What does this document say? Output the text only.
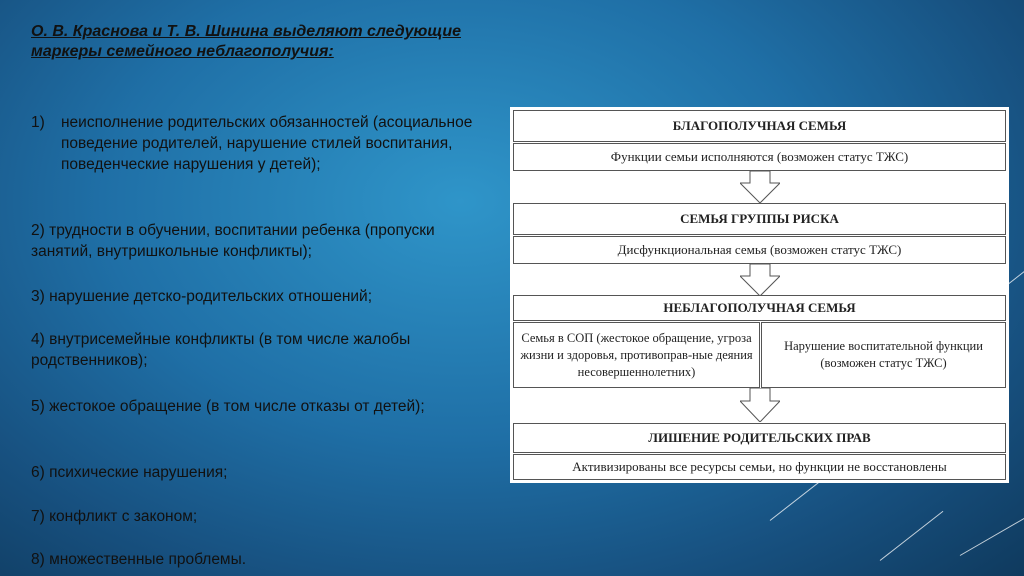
О. В. Краснова и Т. В. Шинина выделяют следующие маркеры семейного неблагополучия:
1) неисполнение родительских обязанностей (асоциальное поведение родителей, нарушение стилей воспитания, поведенческие нарушения у детей);
2) трудности в обучении, воспитании ребенка (пропуски занятий, внутришкольные конфликты);
3) нарушение детско-родительских отношений;
4) внутрисемейные конфликты (в том числе жалобы родственников);
5) жестокое обращение (в том числе отказы от детей);
6) психические нарушения;
7) конфликт с законом;
8) множественные проблемы.
БЛАГОПОЛУЧНАЯ СЕМЬЯ
Функции семьи исполняются (возможен статус ТЖС)
СЕМЬЯ ГРУППЫ РИСКА
Дисфункциональная семья (возможен статус ТЖС)
НЕБЛАГОПОЛУЧНАЯ СЕМЬЯ
Семья в СОП (жестокое обращение, угроза жизни и здоровья, противоправ-ные деяния несовершеннолетних)
Нарушение воспитательной функции (возможен статус ТЖС)
ЛИШЕНИЕ РОДИТЕЛЬСКИХ ПРАВ
Активизированы все ресурсы семьи, но функции не восстановлены
